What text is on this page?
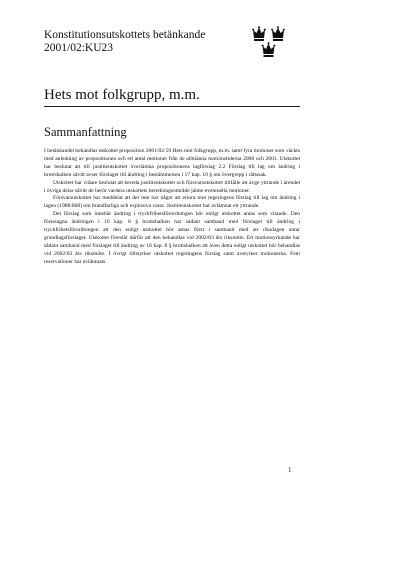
Konstitutionsutskottets betänkande
2001/02:KU23
Hets mot folkgrupp, m.m.
Sammanfattning

I betänkandet behandlar utskottet proposition 2001/02:59 Hets mot folkgrupp, m.m. samt fyra motioner som väckts med anledning av propositionen och ett antal motioner från de allmänna motionstiderna 2000 och 2001. Utskottet har beslutat att till justitieutskottet överlämna propositionens lagförslag 2.2 Förslag till lag om ändring i brottsbalken såvitt avser förslaget till ändring i bestämmelsen i 17 kap. 10 § om övergrepp i rättssak.

Utskottet har vidare beslutat att bereda justitieutskottet och försvarsutskottet tillfälle att avge yttrande i ärendet i övriga delar såvitt de berör vardera utskottets beredningsområde jämte eventuella motioner.

Försvarsutskottet har meddelat att det inte har något att erinra mot regeringens förslag till lag om ändring i lagen (1988:868) om brandfarliga och explosiva varor. Justitieutskottet har avlämnat ett yttrande.

Det förslag som innebär ändring i tryckfrihetsförordningen bör enligt utskottet antas som vilande. Den föreslagna ändringen i 16 kap. 8 § brottsbalken har sådant samband med förslaget till ändring i tryckfrihetsförordningen att den enligt utskottet bör antas först i samband med att riksdagen antar grundlagsförslaget. Utskottet föreslår därför att den behandlas vid 2002/03 års riksmöte. Ett motionsyrkande har sådant samband med förslaget till ändring av 16 kap. 8 § brottsbalken att även detta enligt utskottet bör behandlas vid 2002/03 års riksmöte. I övrigt tillstyrker utskottet regeringens förslag samt avstyrker motionerna. Fem reservationer har avlämnats.

1
